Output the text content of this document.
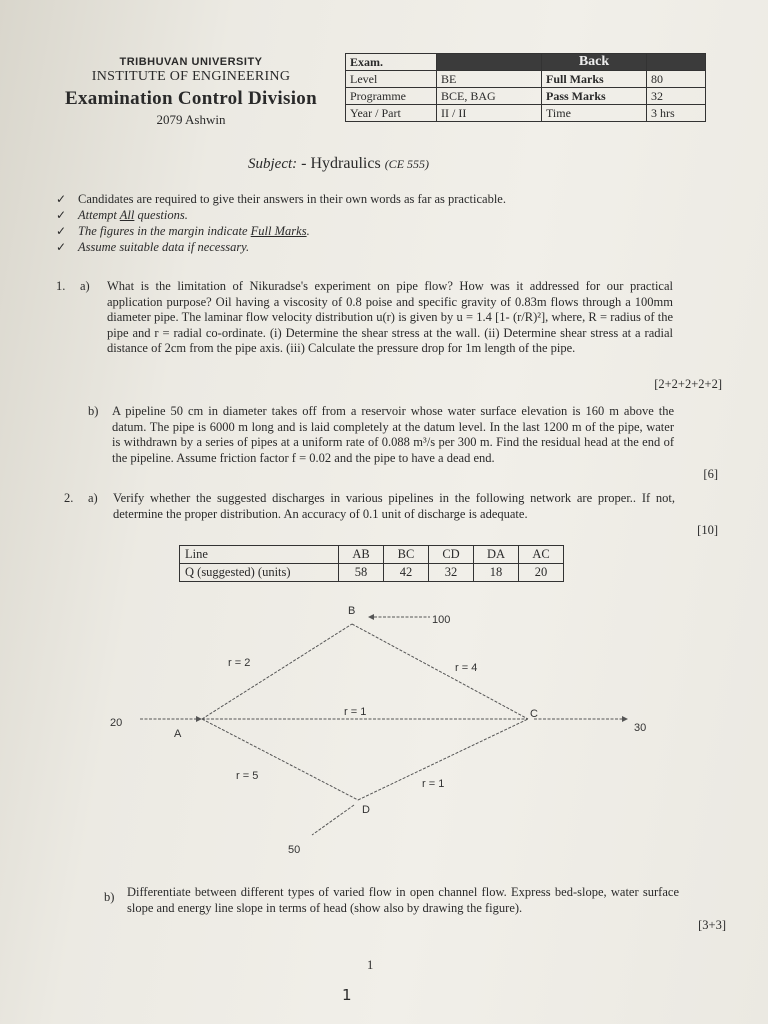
TRIBHUVAN UNIVERSITY
INSTITUTE OF ENGINEERING
Examination Control Division
2079 Ashwin
Exam.		Back	
Level	BE	Full Marks	80
Programme	BCE, BAG	Pass Marks	32
Year / Part	II / II	Time	3 hrs
Subject: - Hydraulics (CE 555)
✓ Candidates are required to give their answers in their own words as far as practicable.
✓ Attempt All questions.
✓ The figures in the margin indicate Full Marks.
✓ Assume suitable data if necessary.
1. a) What is the limitation of Nikuradse's experiment on pipe flow? How was it addressed for our practical application purpose? Oil having a viscosity of 0.8 poise and specific gravity of 0.83m flows through a 100mm diameter pipe. The laminar flow velocity distribution u(r) is given by u = 1.4 [1- (r/R)²], where, R = radius of the pipe and r = radial co-ordinate. (i) Determine the shear stress at the wall. (ii) Determine shear stress at a radial distance of 2cm from the pipe axis. (iii) Calculate the pressure drop for 1m length of the pipe.
[2+2+2+2+2]
b) A pipeline 50 cm in diameter takes off from a reservoir whose water surface elevation is 160 m above the datum. The pipe is 6000 m long and is laid completely at the datum level. In the last 1200 m of the pipe, water is withdrawn by a series of pipes at a uniform rate of 0.088 m³/s per 300 m. Find the residual head at the end of the pipeline. Assume friction factor f = 0.02 and the pipe to have a dead end.
[6]
2. a) Verify whether the suggested discharges in various pipelines in the following network are proper.. If not, determine the proper distribution. An accuracy of 0.1 unit of discharge is adequate.
[10]
Line	AB	BC	CD	DA	AC
Q (suggested) (units)	58	42	32	18	20
B
A
C
D
r = 2	r = 4
r = 1
r = 5
r = 1
20
100
30
50
b) Differentiate between different types of varied flow in open channel flow. Express bed-slope, water surface slope and energy line slope in terms of head (show also by drawing the figure).
[3+3]
1
1
